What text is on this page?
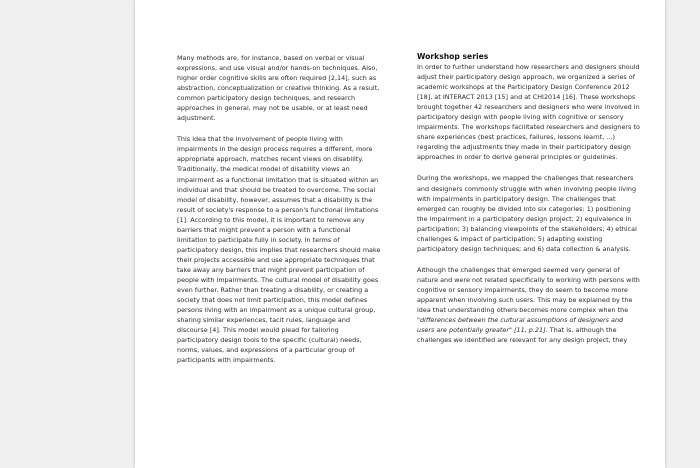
Many methods are, for instance, based on verbal or visual expressions, and use visual and/or hands-on techniques. Also, higher order cognitive skills are often required [2,14], such as abstraction, conceptualization or creative thinking. As a result, common participatory design techniques, and research approaches in general, may not be usable, or at least need adjustment.

This idea that the involvement of people living with impairments in the design process requires a different, more appropriate approach, matches recent views on disability. Traditionally, the medical model of disability views an impairment as a functional limitation that is situated within an individual and that should be treated to overcome. The social model of disability, however, assumes that a disability is the result of society's response to a person's functional limitations [1]. According to this model, it is important to remove any barriers that might prevent a person with a functional limitation to participate fully in society. In terms of participatory design, this implies that researchers should make their projects accessible and use appropriate techniques that take away any barriers that might prevent participation of people with impairments. The cultural model of disability goes even further. Rather than treating a disability, or creating a society that does not limit participation, this model defines persons living with an impairment as a unique cultural group, sharing similar experiences, tacit rules, language and discourse [4]. This model would plead for tailoring participatory design tools to the specific (cultural) needs, norms, values, and expressions of a particular group of participants with impairments.

Workshop series

In order to further understand how researchers and designers should adjust their participatory design approach, we organized a series of academic workshops at the Participatory Design Conference 2012 [18], at INTERACT 2013 [15] and at CHI2014 [16]. These workshops brought together 42 researchers and designers who were involved in participatory design with people living with cognitive or sensory impairments. The workshops facilitated researchers and designers to share experiences (best practices, failures, lessons learnt, ...) regarding the adjustments they made in their participatory design approaches in order to derive general principles or guidelines.

During the workshops, we mapped the challenges that researchers and designers commonly struggle with when involving people living with impairments in participatory design. The challenges that emerged can roughly be divided into six categories: 1) positioning the impairment in a participatory design project; 2) equivalence in participation; 3) balancing viewpoints of the stakeholders; 4) ethical challenges & impact of participation; 5) adapting existing participatory design techniques; and 6) data collection & analysis.

Although the challenges that emerged seemed very general of nature and were not related specifically to working with persons with cognitive or sensory impairments, they do seem to become more apparent when involving such users. This may be explained by the idea that understanding others becomes more complex when the "differences between the cultural assumptions of designers and users are potentially greater" [11, p.21]. That is, although the challenges we identified are relevant for any design project, they
